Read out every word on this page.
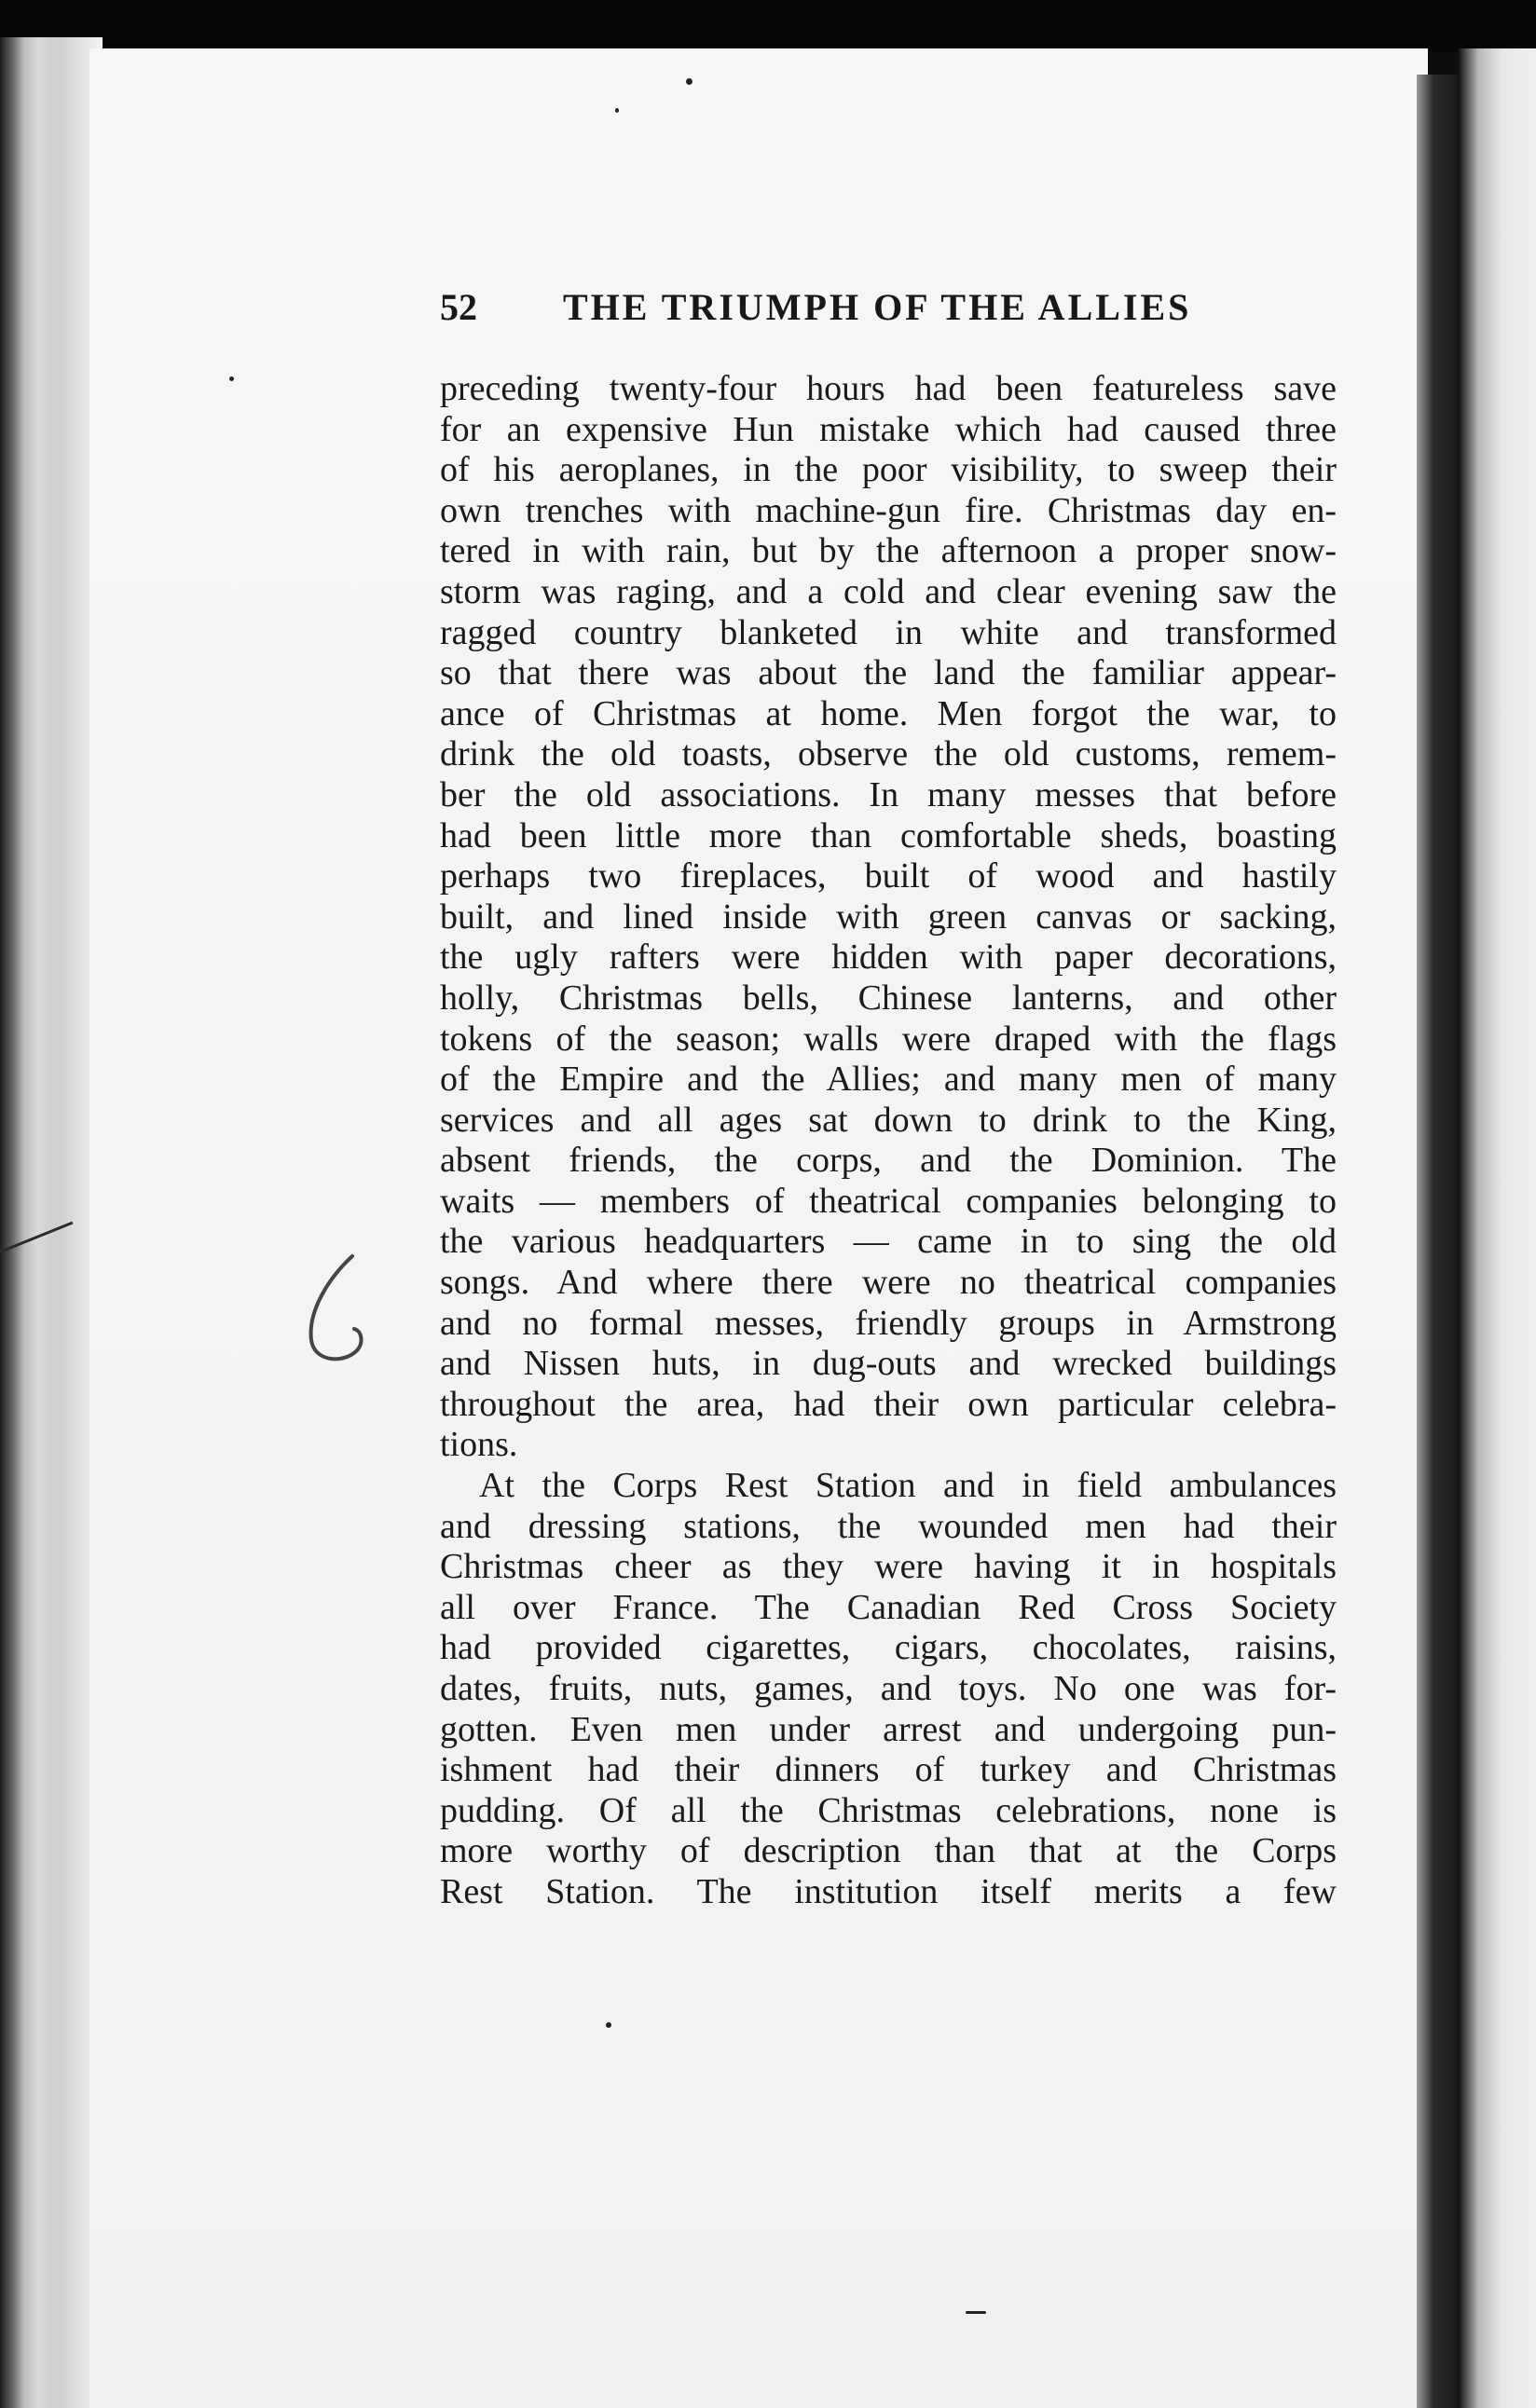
52 THE TRIUMPH OF THE ALLIES
preceding twenty-four hours had been featureless save
for an expensive Hun mistake which had caused three
of his aeroplanes, in the poor visibility, to sweep their
own trenches with machine-gun fire. Christmas day en-
tered in with rain, but by the afternoon a proper snow-
storm was raging, and a cold and clear evening saw the
ragged country blanketed in white and transformed
so that there was about the land the familiar appear-
ance of Christmas at home. Men forgot the war, to
drink the old toasts, observe the old customs, remem-
ber the old associations. In many messes that before
had been little more than comfortable sheds, boasting
perhaps two fireplaces, built of wood and hastily
built, and lined inside with green canvas or sacking,
the ugly rafters were hidden with paper decorations,
holly, Christmas bells, Chinese lanterns, and other
tokens of the season; walls were draped with the flags
of the Empire and the Allies; and many men of many
services and all ages sat down to drink to the King,
absent friends, the corps, and the Dominion. The
waits — members of theatrical companies belonging to
the various headquarters — came in to sing the old
songs. And where there were no theatrical companies
and no formal messes, friendly groups in Armstrong
and Nissen huts, in dug-outs and wrecked buildings
throughout the area, had their own particular celebra-
tions.
At the Corps Rest Station and in field ambulances
and dressing stations, the wounded men had their
Christmas cheer as they were having it in hospitals
all over France. The Canadian Red Cross Society
had provided cigarettes, cigars, chocolates, raisins,
dates, fruits, nuts, games, and toys. No one was for-
gotten. Even men under arrest and undergoing pun-
ishment had their dinners of turkey and Christmas
pudding. Of all the Christmas celebrations, none is
more worthy of description than that at the Corps
Rest Station. The institution itself merits a few
